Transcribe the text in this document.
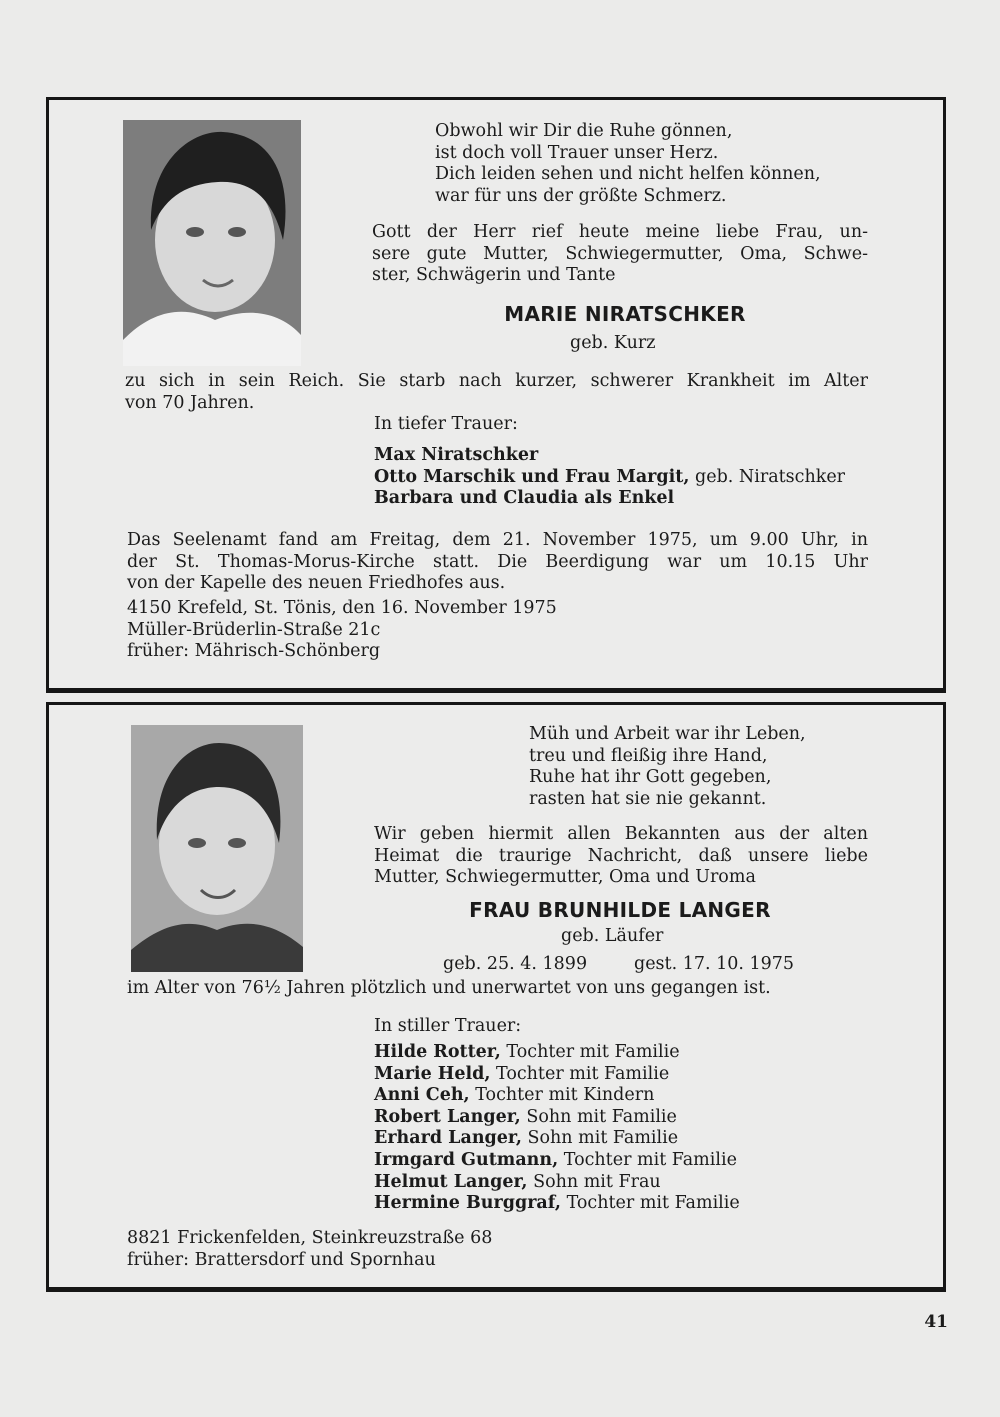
Obwohl wir Dir die Ruhe gönnen,
ist doch voll Trauer unser Herz.
Dich leiden sehen und nicht helfen können,
war für uns der größte Schmerz.
Gott der Herr rief heute meine liebe Frau, un-
sere gute Mutter, Schwiegermutter, Oma, Schwe-
ster, Schwägerin und Tante
MARIE NIRATSCHKER
geb. Kurz
zu sich in sein Reich. Sie starb nach kurzer, schwerer Krankheit im Alter
von 70 Jahren.
In tiefer Trauer:
Max Niratschker
Otto Marschik und Frau Margit, geb. Niratschker
Barbara und Claudia als Enkel
Das Seelenamt fand am Freitag, dem 21. November 1975, um 9.00 Uhr, in
der St. Thomas-Morus-Kirche statt. Die Beerdigung war um 10.15 Uhr
von der Kapelle des neuen Friedhofes aus.
4150 Krefeld, St. Tönis, den 16. November 1975
Müller-Brüderlin-Straße 21c
früher: Mährisch-Schönberg
Müh und Arbeit war ihr Leben,
treu und fleißig ihre Hand,
Ruhe hat ihr Gott gegeben,
rasten hat sie nie gekannt.
Wir geben hiermit allen Bekannten aus der alten
Heimat die traurige Nachricht, daß unsere liebe
Mutter, Schwiegermutter, Oma und Uroma
FRAU BRUNHILDE LANGER
geb. Läufer
geb. 25. 4. 1899	gest. 17. 10. 1975
im Alter von 76½ Jahren plötzlich und unerwartet von uns gegangen ist.
In stiller Trauer:
Hilde Rotter, Tochter mit Familie
Marie Held, Tochter mit Familie
Anni Ceh, Tochter mit Kindern
Robert Langer, Sohn mit Familie
Erhard Langer, Sohn mit Familie
Irmgard Gutmann, Tochter mit Familie
Helmut Langer, Sohn mit Frau
Hermine Burggraf, Tochter mit Familie
8821 Frickenfelden, Steinkreuzstraße 68
früher: Brattersdorf und Spornhau
41
